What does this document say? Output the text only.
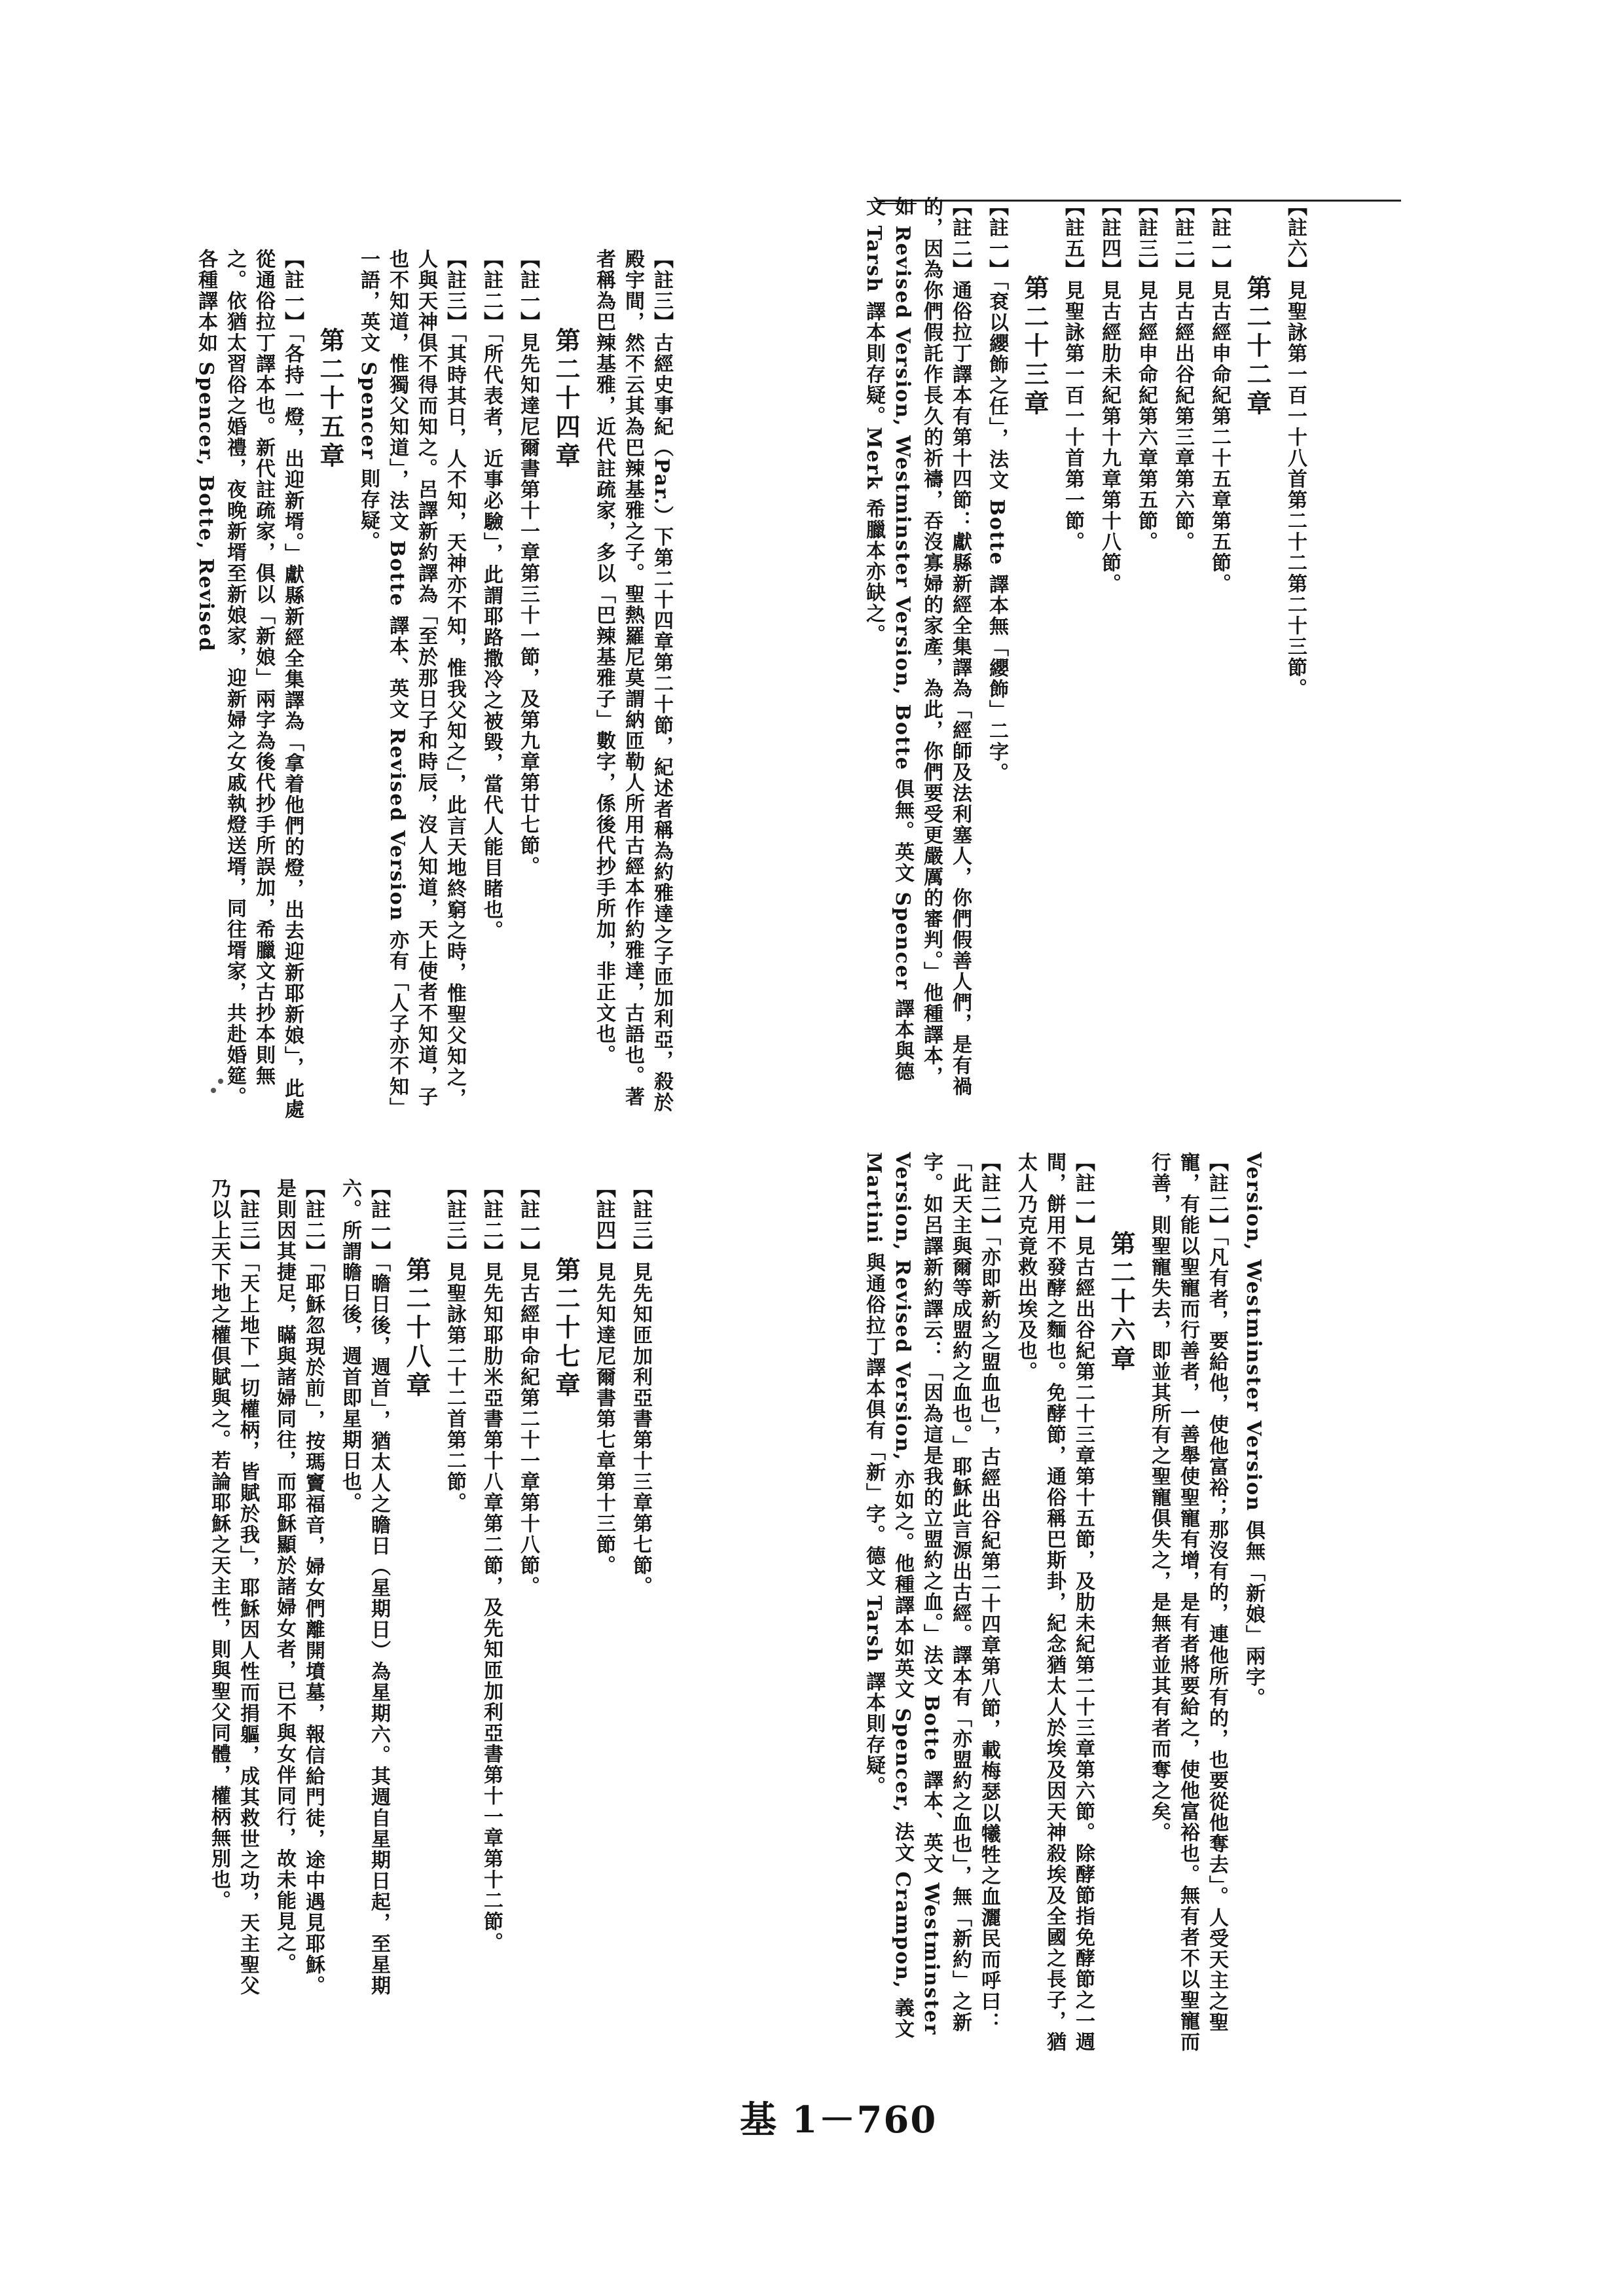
【註六】見聖詠第一百一十八首第二十二第二十三節。
第二十二章
【註一】見古經申命紀第二十五章第五節。
【註二】見古經出谷紀第三章第六節。
【註三】見古經申命紀第六章第五節。
【註四】見古經肋未紀第十九章第十八節。
【註五】見聖詠第一百一十首第一節。
第二十三章
【註一】「袞以纓飾之任」，法文 Botte 譯本無「纓飾」二字。
【註二】通俗拉丁譯本有第十四節：獻縣新經全集譯為「經師及法利塞人，你們假善人們，是有禍的，因為你們假託作長久的祈禱，吞沒寡婦的家產，為此，你們要受更嚴厲的審判。」他種譯本，如 Revised Version, Westminster Version, Botte 俱無。英文 Spencer 譯本與德文 Tarsh 譯本則存疑。Merk 希臘本亦缺之。
【註三】古經史事紀（Par.）下第二十四章第二十節，紀述者稱為約雅達之子匝加利亞，殺於殿宇間，然不云其為巴辣基雅之子。聖熱羅尼莫謂納匝勒人所用古經本作約雅達，古語也。著者稱為巴辣基雅，近代註疏家，多以「巴辣基雅子」數字，係後代抄手所加，非正文也。
第二十四章
【註一】見先知達尼爾書第十一章第三十一節，及第九章第廿七節。
【註二】「所代表者，近事必驗」，此謂耶路撒冷之被毀，當代人能目睹也。
【註三】「其時其日，人不知，天神亦不知，惟我父知之」，此言天地終窮之時，惟聖父知之，人與天神俱不得而知之。呂譯新約譯為「至於那日子和時辰，沒人知道，天上使者不知道，子也不知道，惟獨父知道」，法文 Botte 譯本、英文 Revised Version 亦有「人子亦不知」一語，英文 Spencer 則存疑。
第二十五章
【註一】「各持一燈，出迎新壻。」獻縣新經全集譯為「拿着他們的燈，出去迎新耶新娘」，此處從通俗拉丁譯本也。新代註疏家，俱以「新娘」兩字為後代抄手所誤加，希臘文古抄本則無之。依猶太習俗之婚禮，夜晚新壻至新娘家，迎新婦之女戚執燈送壻，同往壻家，共赴婚筵。各種譯本如 Spencer, Botte, Revised
Version, Westminster Version 俱無「新娘」兩字。
【註二】「凡有者，要給他，使他富裕；那沒有的，連他所有的，也要從他奪去」。人受天主之聖寵，有能以聖寵而行善者，一善舉使聖寵有增，是有者將要給之，使他富裕也。無有者不以聖寵而行善，則聖寵失去，即並其所有之聖寵俱失之，是無者並其有者而奪之矣。
第二十六章
【註一】見古經出谷紀第二十三章第十五節，及肋未紀第二十三章第六節。除酵節指免酵節之一週間，餅用不發酵之麵也。免酵節，通俗稱巴斯卦，紀念猶太人於埃及因天神殺埃及全國之長子，猶太人乃克竟救出埃及也。
【註二】「亦即新約之盟血也」，古經出谷紀第二十四章第八節，載梅瑟以犧牲之血灑民而呼曰：「此天主與爾等成盟約之血也。」耶穌此言源出古經。譯本有「亦盟約之血也」，無「新約」之新字。如呂譯新約譯云：「因為這是我的立盟約之血。」法文 Botte 譯本、英文 Westminster Version, Revised Version, 亦如之。他種譯本如英文 Spencer, 法文 Crampon, 義文 Martini 與通俗拉丁譯本俱有「新」字。德文 Tarsh 譯本則存疑。
【註三】見先知匝加利亞書第十三章第七節。
【註四】見先知達尼爾書第七章第十三節。
第二十七章
【註一】見古經申命紀第二十一章第十八節。
【註二】見先知耶肋米亞書第十八章第二節，及先知匝加利亞書第十一章第十二節。
【註三】見聖詠第二十二首第二節。
第二十八章
【註一】「瞻日後，週首」，猶太人之瞻日（星期日）為星期六。其週自星期日起，至星期六。所謂瞻日後，週首即星期日也。
【註二】「耶穌忽現於前」，按瑪竇福音，婦女們離開墳墓，報信給門徒，途中遇見耶穌。是則因其捷足，瞞與諸婦同往，而耶穌顯於諸婦女者，已不與女伴同行，故未能見之。
【註三】「天上地下一切權柄，皆賦於我」，耶穌因人性而捐軀，成其救世之功，天主聖父乃以上天下地之權俱賦與之。若論耶穌之天主性，則與聖父同體，權柄無別也。
基 1－760
